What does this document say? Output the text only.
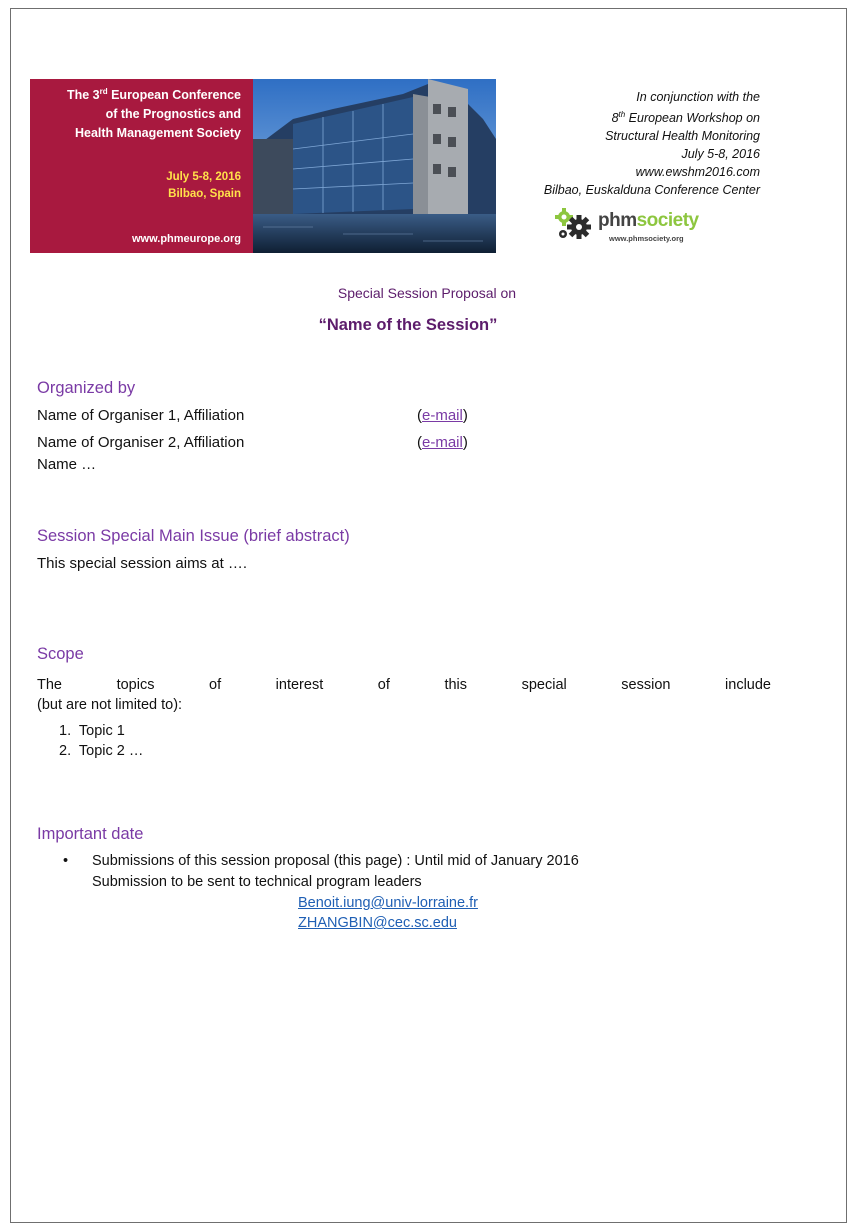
The 3rd European Conference
of the Prognostics and
Health Management Society
July 5-8, 2016
Bilbao, Spain
www.phmeurope.org
In conjunction with the
8th European Workshop on
Structural Health Monitoring
July 5-8, 2016
www.ewshm2016.com
Bilbao, Euskalduna Conference Center
phmsociety
www.phmsociety.org
Special Session Proposal on
“Name of the Session”
Organized by
Name of Organiser 1, Affiliation	(e-mail)
Name of Organiser 2, Affiliation	(e-mail)
Name …
Session Special Main Issue (brief abstract)
This special session aims at ….
Scope
The	topics	of	interest	of	this	special	session	include
(but are not limited to):
1. Topic 1
2. Topic 2 …
Important date
• Submissions of this session proposal (this page) : Until mid of January 2016
Submission to be sent to technical program leaders
Benoit.iung@univ-lorraine.fr
ZHANGBIN@cec.sc.edu
